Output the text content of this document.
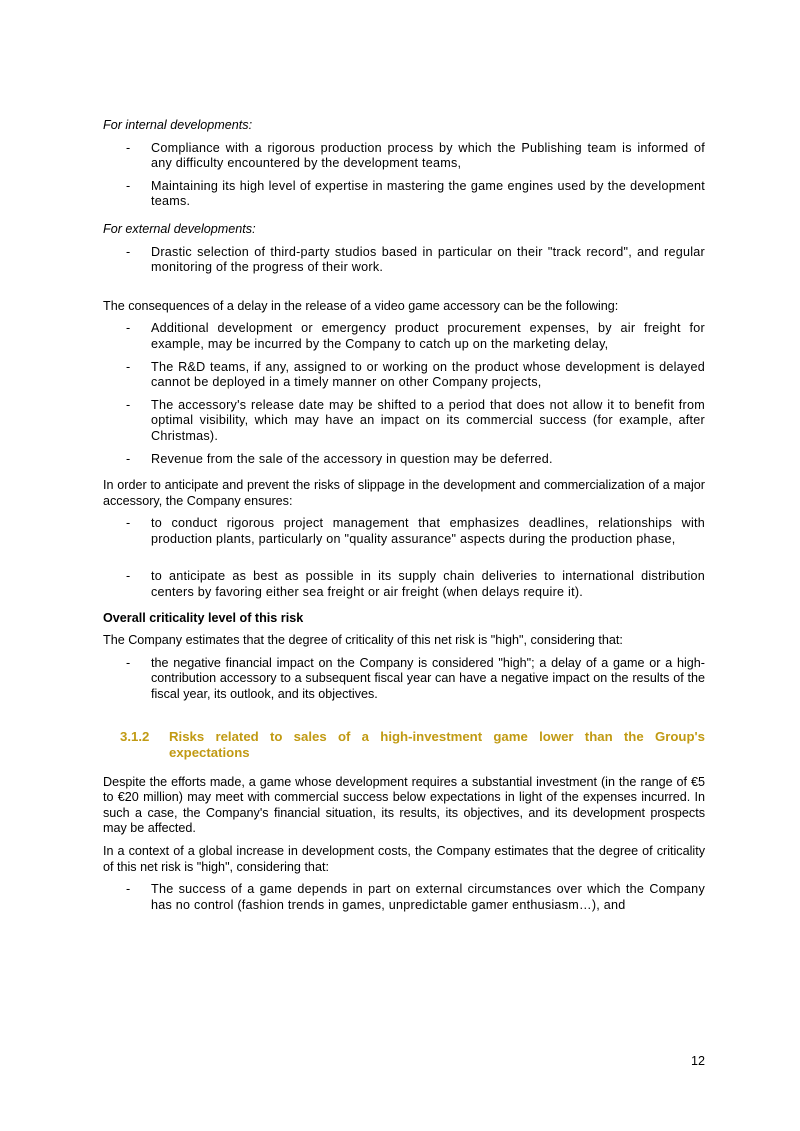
For internal developments:
- Compliance with a rigorous production process by which the Publishing team is informed of any difficulty encountered by the development teams,
- Maintaining its high level of expertise in mastering the game engines used by the development teams.
For external developments:
- Drastic selection of third-party studios based in particular on their "track record", and regular monitoring of the progress of their work.

The consequences of a delay in the release of a video game accessory can be the following:

- Additional development or emergency product procurement expenses, by air freight for example, may be incurred by the Company to catch up on the marketing delay,
- The R&D teams, if any, assigned to or working on the product whose development is delayed cannot be deployed in a timely manner on other Company projects,
- The accessory's release date may be shifted to a period that does not allow it to benefit from optimal visibility, which may have an impact on its commercial success (for example, after Christmas).
- Revenue from the sale of the accessory in question may be deferred.

In order to anticipate and prevent the risks of slippage in the development and commercialization of a major accessory, the Company ensures:

- to conduct rigorous project management that emphasizes deadlines, relationships with production plants, particularly on "quality assurance" aspects during the production phase,
- to anticipate as best as possible in its supply chain deliveries to international distribution centers by favoring either sea freight or air freight (when delays require it).
Overall criticality level of this risk

The Company estimates that the degree of criticality of this net risk is "high", considering that:

- the negative financial impact on the Company is considered "high"; a delay of a game or a high-contribution accessory to a subsequent fiscal year can have a negative impact on the results of the fiscal year, its outlook, and its objectives.
3.1.2 Risks related to sales of a high-investment game lower than the Group's expectations

Despite the efforts made, a game whose development requires a substantial investment (in the range of €5 to €20 million) may meet with commercial success below expectations in light of the expenses incurred. In such a case, the Company's financial situation, its results, its objectives, and its development prospects may be affected.

In a context of a global increase in development costs, the Company estimates that the degree of criticality of this net risk is "high", considering that:

- The success of a game depends in part on external circumstances over which the Company has no control (fashion trends in games, unpredictable gamer enthusiasm…), and
12
